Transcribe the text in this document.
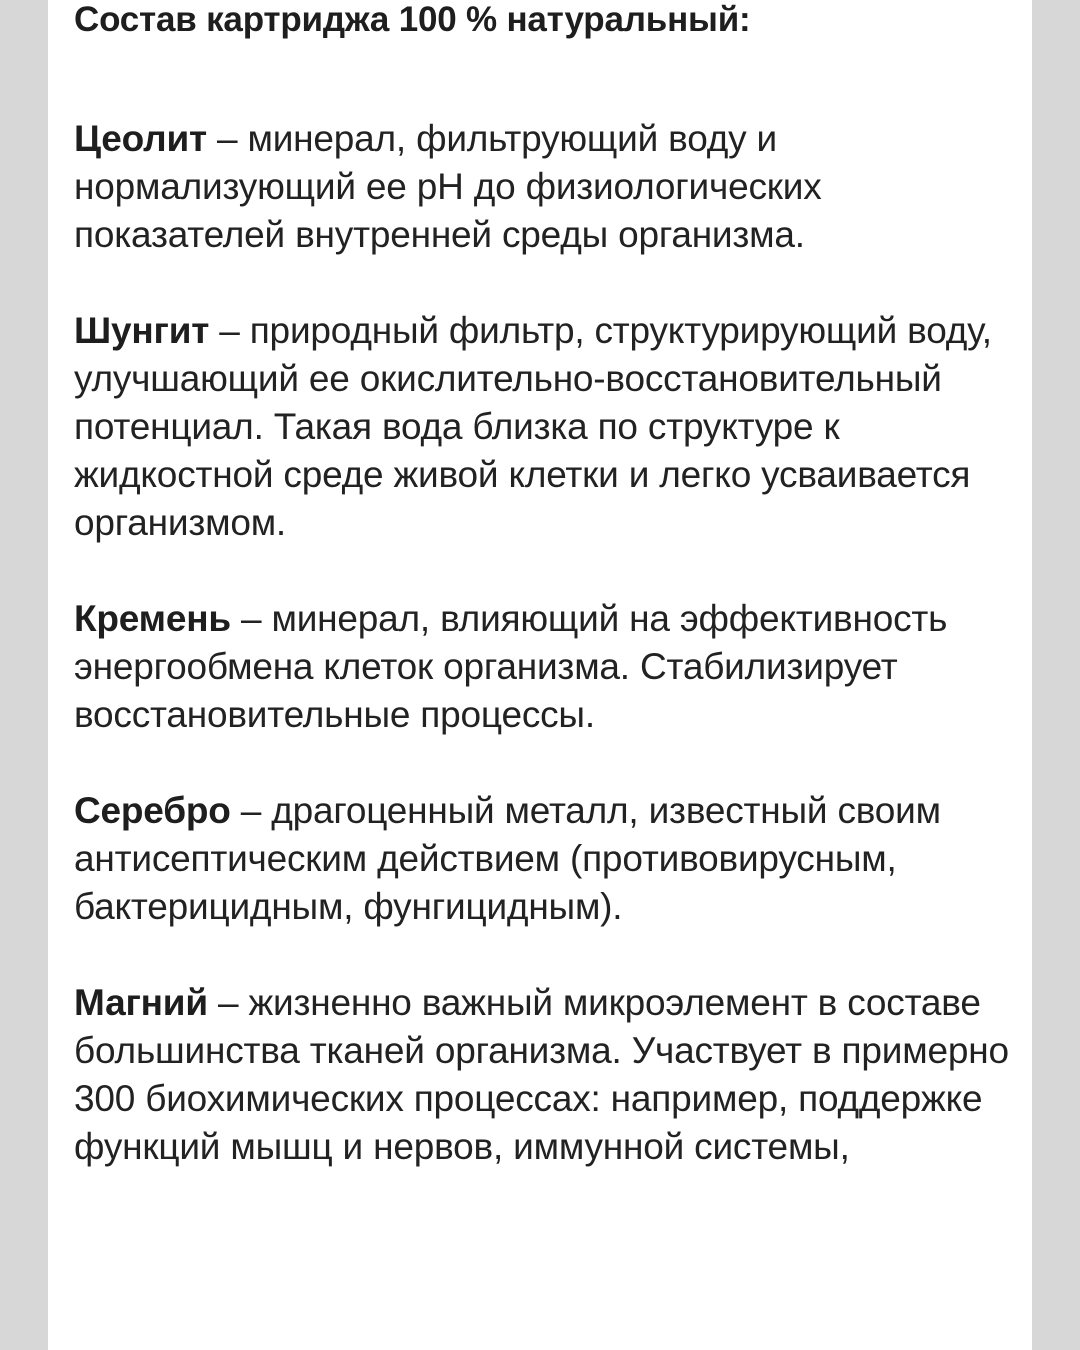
Состав картриджа 100 % натуральный:

Цеолит – минерал, фильтрующий воду и нормализующий ее pH до физиологических показателей внутренней среды организма.

Шунгит – природный фильтр, структурирующий воду, улучшающий ее окислительно-восстановительный потенциал. Такая вода близка по структуре к жидкостной среде живой клетки и легко усваивается организмом.

Кремень – минерал, влияющий на эффективность энергообмена клеток организма. Стабилизирует восстановительные процессы.

Серебро – драгоценный металл, известный своим антисептическим действием (противовирусным, бактерицидным, фунгицидным).

Магний – жизненно важный микроэлемент в составе большинства тканей организма. Участвует в примерно 300 биохимических процессах: например, поддержке функций мышц и нервов, иммунной системы,
